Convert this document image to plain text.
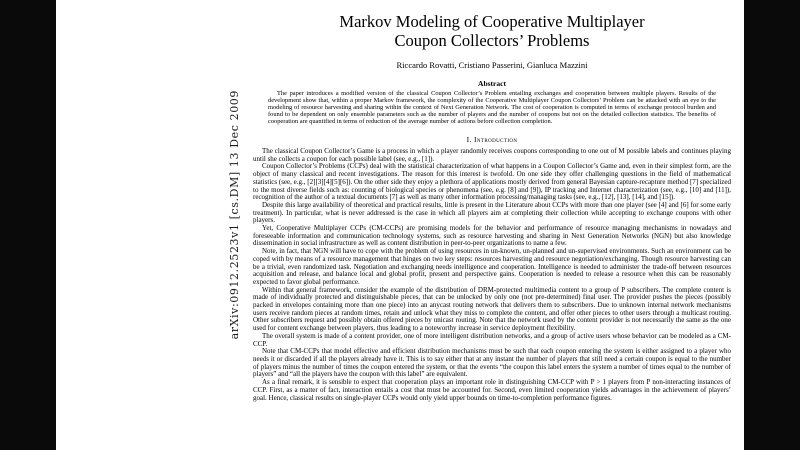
arXiv:0912.2523v1 [cs.DM] 13 Dec 2009
Markov Modeling of Cooperative Multiplayer
Coupon Collectors’ Problems
Riccardo Rovatti, Cristiano Passerini, Gianluca Mazzini
Abstract

The paper introduces a modified version of the classical Coupon Collector’s Problem entailing exchanges and cooperation between multiple players. Results of the development show that, within a proper Markov framework, the complexity of the Cooperative Multiplayer Coupon Collectors’ Problem can be attacked with an eye to the modeling of resource harvesting and sharing within the context of Next Generation Network. The cost of cooperation is computed in terms of exchange protocol burden and found to be dependent on only ensemble parameters such as the number of players and the number of coupons but not on the detailed collection statistics. The benefits of cooperation are quantified in terms of reduction of the average number of actions before collection completion.

I. Introduction

The classical Coupon Collector’s Game is a process in which a player randomly receives coupons corresponding to one out of M possible labels and continues playing until she collects a coupon for each possible label (see, e.g., [1]).

Coupon Collector’s Problems (CCPs) deal with the statistical characterization of what happens in a Coupon Collector’s Game and, even in their simplest form, are the object of many classical and recent investigations. The reason for this interest is twofold. On one side they offer challenging questions in the field of mathematical statistics (see, e.g., [2][3][4][5][6]). On the other side they enjoy a plethora of applications mostly derived from general Bayesian capture-recapture method [7] specialized to the most diverse fields such as: counting of biological species or phenomena (see, e.g. [8] and [9]), IP tracking and Internet characterization (see, e.g., [10] and [11]), recognition of the author of a textual documents [7] as well as many other information processing/managing tasks (see, e.g., [12], [13], [14], and [15]).

Despite this large availability of theoretical and practical results, little is present in the Literature about CCPs with more than one player (see [4] and [6] for some early treatment). In particular, what is never addressed is the case in which all players aim at completing their collection while accepting to exchange coupons with other players.

Yet, Cooperative Multiplayer CCPs (CM-CCPs) are promising models for the behavior and performance of resource managing mechanisms in nowadays and foreseeable information and communication technology systems, such as resource harvesting and sharing in Next Generation Networks (NGN) but also knowledge dissemination in social infrastructure as well as content distribution in peer-to-peer organizations to name a few.

Note, in fact, that NGN will have to cope with the problem of using resources in un-known, un-planned and un-supervised environments. Such an environment can be coped with by means of a resource management that hinges on two key steps: resources harvesting and resource negotiation/exchanging. Though resource harvesting can be a trivial, even randomized task. Negotiation and exchanging needs intelligence and cooperation. Intelligence is needed to administer the trade-off between resources acquisition and release, and balance local and global profit, present and perspective gains. Cooperation is needed to release a resource when this can be reasonably expected to favor global performance.

Within that general framework, consider the example of the distribution of DRM-protected multimedia content to a group of P subscribers. The complete content is made of individually protected and distinguishable pieces, that can be unlocked by only one (not pre-determined) final user. The provider pushes the pieces (possibly packed in envelopes containing more than one piece) into an anycast routing network that delivers them to subscribers. Due to unknown internal network mechanisms users receive random pieces at random times, retain and unlock what they miss to complete the content, and offer other pieces to other users through a multicast routing. Other subscribers request and possibly obtain offered pieces by unicast routing. Note that the network used by the content provider is not necessarily the same as the one used for content exchange between players, thus leading to a noteworthy increase in service deployment flexibility.

The overall system is made of a content provider, one of more intelligent distribution networks, and a group of active users whose behavior can be modeled as a CM-CCP.

Note that CM-CCPs that model effective and efficient distribution mechanisms must be such that each coupon entering the system is either assigned to a player who needs it or discarded if all the players already have it. This is to say either that at any instant the number of players that still need a certain coupon is equal to the number of players minus the number of times the coupon entered the system, or that the events “the coupon this label enters the system a number of times equal to the number of players” and “all the players have the coupon with this label” are equivalent.

As a final remark, it is sensible to expect that cooperation plays an important role in distinguishing CM-CCP with P > 1 players from P non-interacting instances of CCP. First, as a matter of fact, interaction entails a cost that must be accounted for. Second, even limited cooperation yields advantages in the achievement of players’ goal. Hence, classical results on single-player CCPs would only yield upper bounds on time-to-completion performance figures.
